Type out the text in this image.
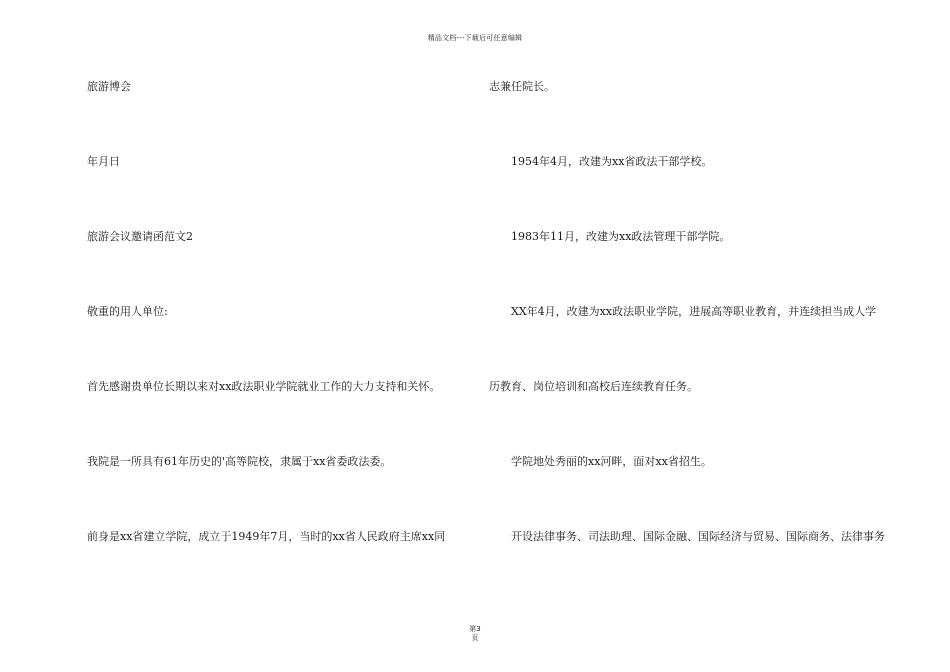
精品文档---下载后可任意编辑
旅游博会
年月日
旅游会议邀请函范文2
敬重的用人单位:
首先感谢贵单位长期以来对xx政法职业学院就业工作的大力支持和关怀。
我院是一所具有61年历史的'高等院校，隶属于xx省委政法委。
前身是xx省建立学院，成立于1949年7月，当时的xx省人民政府主席xx同
志兼任院长。
1954年4月，改建为xx省政法干部学校。
1983年11月，改建为xx政法管理干部学院。
XX年4月，改建为xx政法职业学院，进展高等职业教育，并连续担当成人学
历教育、岗位培训和高校后连续教育任务。
学院地处秀丽的xx河畔，面对xx省招生。
开设法律事务、司法助理、国际金融、国际经济与贸易、国际商务、法律事务
第3
页
